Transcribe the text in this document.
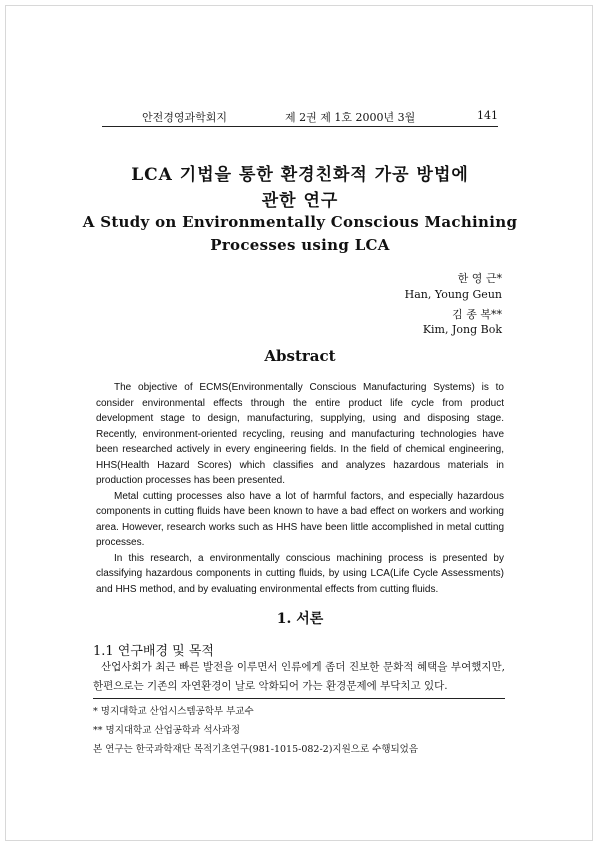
안전경영과학회지	제 2권 제 1호 2000년 3월	141
LCA 기법을 통한 환경친화적 가공 방법에
관한 연구
A Study on Environmentally Conscious Machining
Processes using LCA
한 영 근*
Han, Young Geun
김 종 복**
Kim, Jong Bok
Abstract

The objective of ECMS(Environmentally Conscious Manufacturing Systems) is to consider environmental effects through the entire product life cycle from product development stage to design, manufacturing, supplying, using and disposing stage. Recently, environment-oriented recycling, reusing and manufacturing technologies have been researched actively in every engineering fields. In the field of chemical engineering, HHS(Health Hazard Scores) which classifies and analyzes hazardous materials in production processes has been presented.

Metal cutting processes also have a lot of harmful factors, and especially hazardous components in cutting fluids have been known to have a bad effect on workers and working area. However, research works such as HHS have been little accomplished in metal cutting processes.

In this research, a environmentally conscious machining process is presented by classifying hazardous components in cutting fluids, by using LCA(Life Cycle Assessments) and HHS method, and by evaluating environmental effects from cutting fluids.

1. 서론
1.1 연구배경 및 목적

산업사회가 최근 빠른 발전을 이루면서 인류에게 좀더 진보한 문화적 혜택을 부여했지만, 한편으로는 기존의 자연환경이 날로 악화되어 가는 환경문제에 부닥치고 있다.

* 명지대학교 산업시스템공학부 부교수
** 명지대학교 산업공학과 석사과정
본 연구는 한국과학재단 목적기초연구(981-1015-082-2)지원으로 수행되었음
